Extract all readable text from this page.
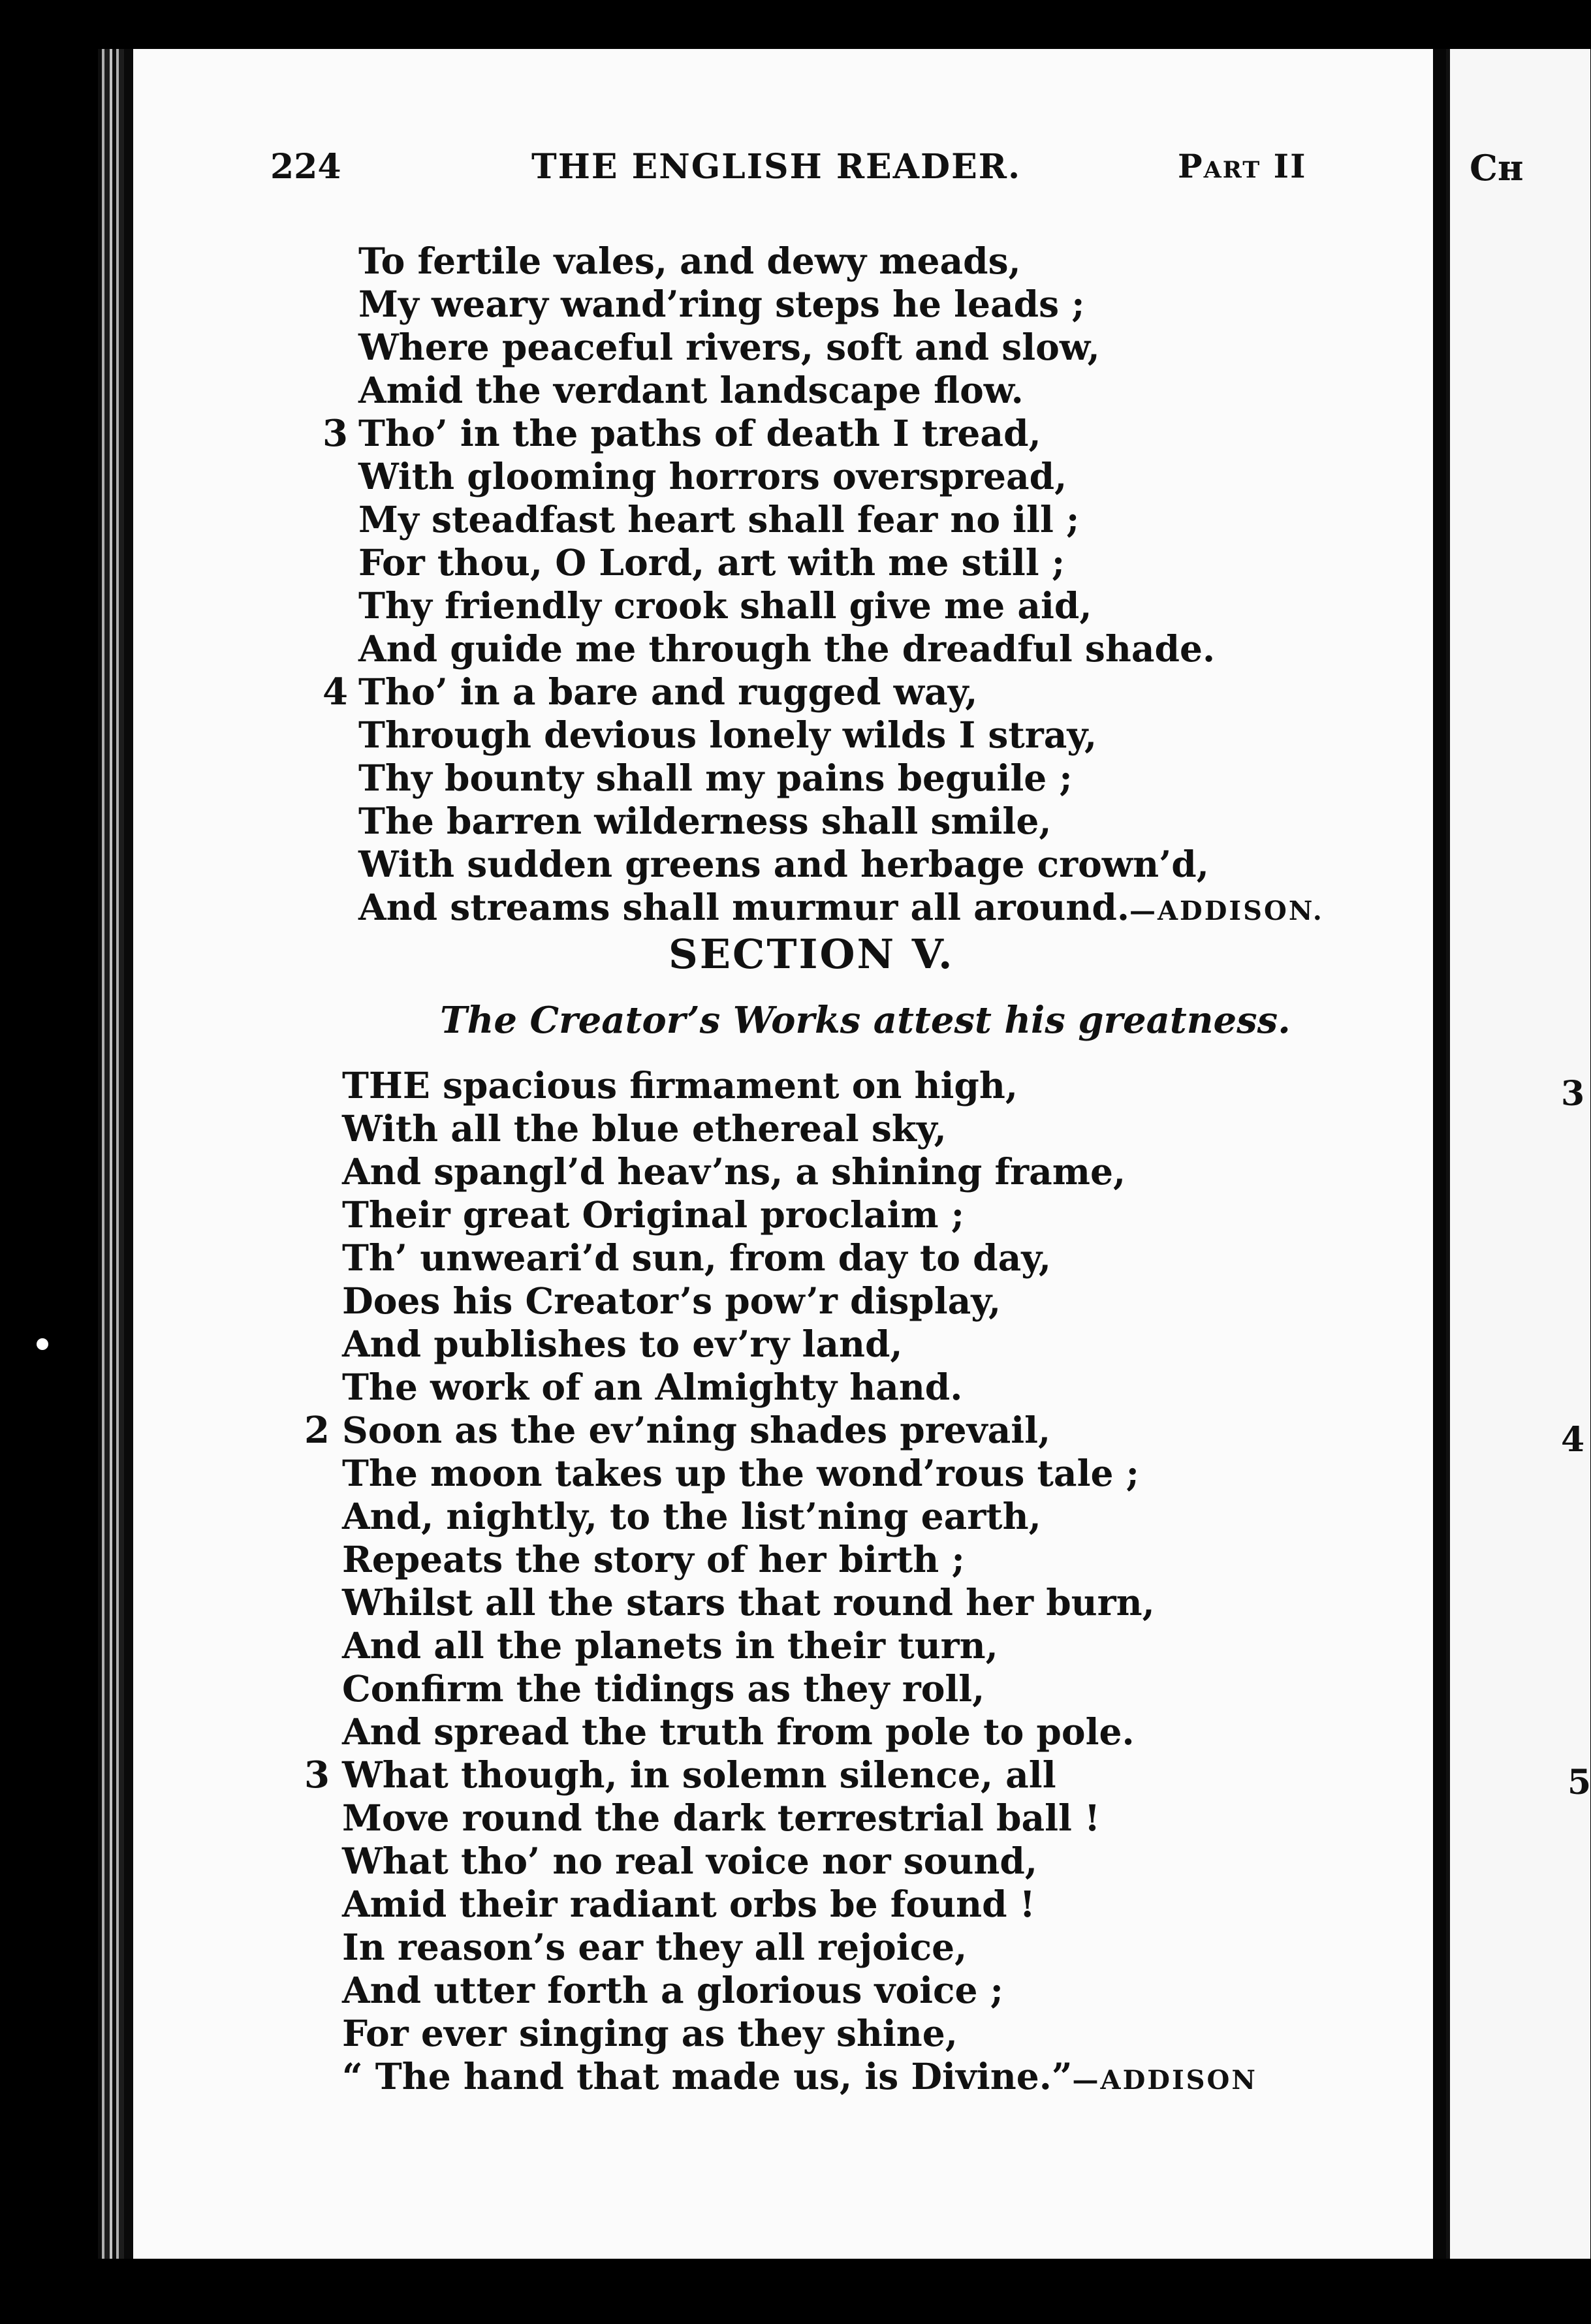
224	THE ENGLISH READER.	Part II
To fertile vales, and dewy meads,
My weary wand’ring steps he leads ;
Where peaceful rivers, soft and slow,
Amid the verdant landscape flow.
3 Tho’ in the paths of death I tread,
With glooming horrors overspread,
My steadfast heart shall fear no ill ;
For thou, O Lord, art with me still ;
Thy friendly crook shall give me aid,
And guide me through the dreadful shade.
4 Tho’ in a bare and rugged way,
Through devious lonely wilds I stray,
Thy bounty shall my pains beguile ;
The barren wilderness shall smile,
With sudden greens and herbage crown’d,
And streams shall murmur all around.—ADDISON.
SECTION V.
The Creator’s Works attest his greatness.
THE spacious firmament on high,
With all the blue ethereal sky,
And spangl’d heav’ns, a shining frame,
Their great Original proclaim ;
Th’ unweari’d sun, from day to day,
Does his Creator’s pow’r display,
And publishes to ev’ry land,
The work of an Almighty hand.
2 Soon as the ev’ning shades prevail,
The moon takes up the wond’rous tale ;
And, nightly, to the list’ning earth,
Repeats the story of her birth ;
Whilst all the stars that round her burn,
And all the planets in their turn,
Confirm the tidings as they roll,
And spread the truth from pole to pole.
3 What though, in solemn silence, all
Move round the dark terrestrial ball !
What tho’ no real voice nor sound,
Amid their radiant orbs be found !
In reason’s ear they all rejoice,
And utter forth a glorious voice ;
For ever singing as they shine,
“ The hand that made us, is Divine.”—ADDISON
Cʜ
3
4
5
